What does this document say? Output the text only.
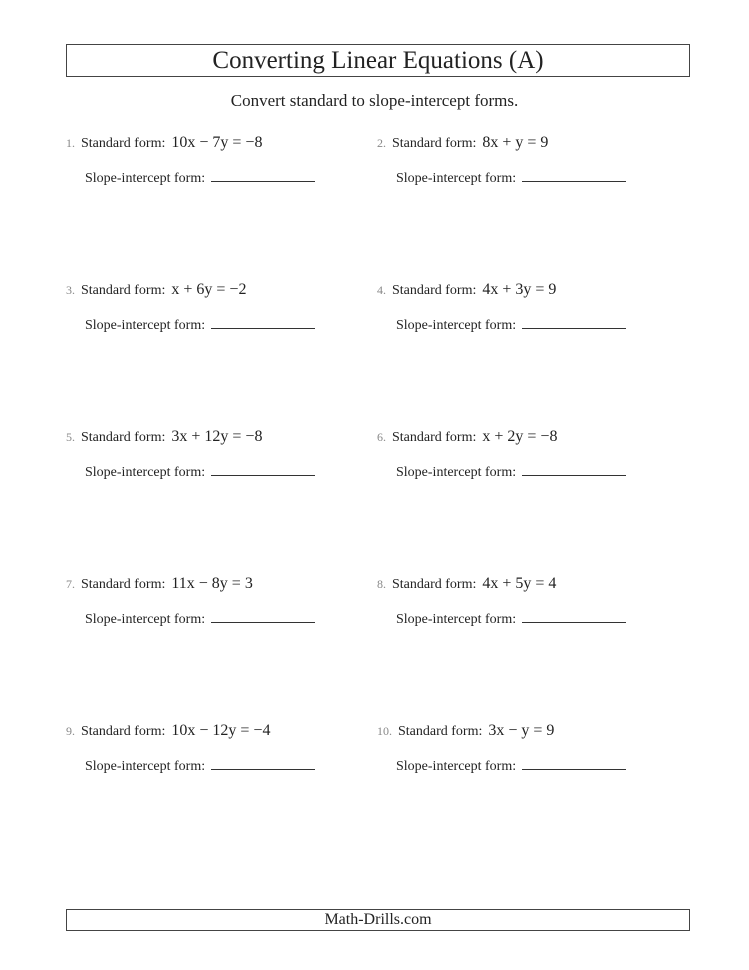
Converting Linear Equations (A)
Convert standard to slope-intercept forms.
1. Standard form: 10x − 7y = −8
Slope-intercept form:
2. Standard form: 8x + y = 9
Slope-intercept form:
3. Standard form: x + 6y = −2
Slope-intercept form:
4. Standard form: 4x + 3y = 9
Slope-intercept form:
5. Standard form: 3x + 12y = −8
Slope-intercept form:
6. Standard form: x + 2y = −8
Slope-intercept form:
7. Standard form: 11x − 8y = 3
Slope-intercept form:
8. Standard form: 4x + 5y = 4
Slope-intercept form:
9. Standard form: 10x − 12y = −4
Slope-intercept form:
10. Standard form: 3x − y = 9
Slope-intercept form:
Math-Drills.com
